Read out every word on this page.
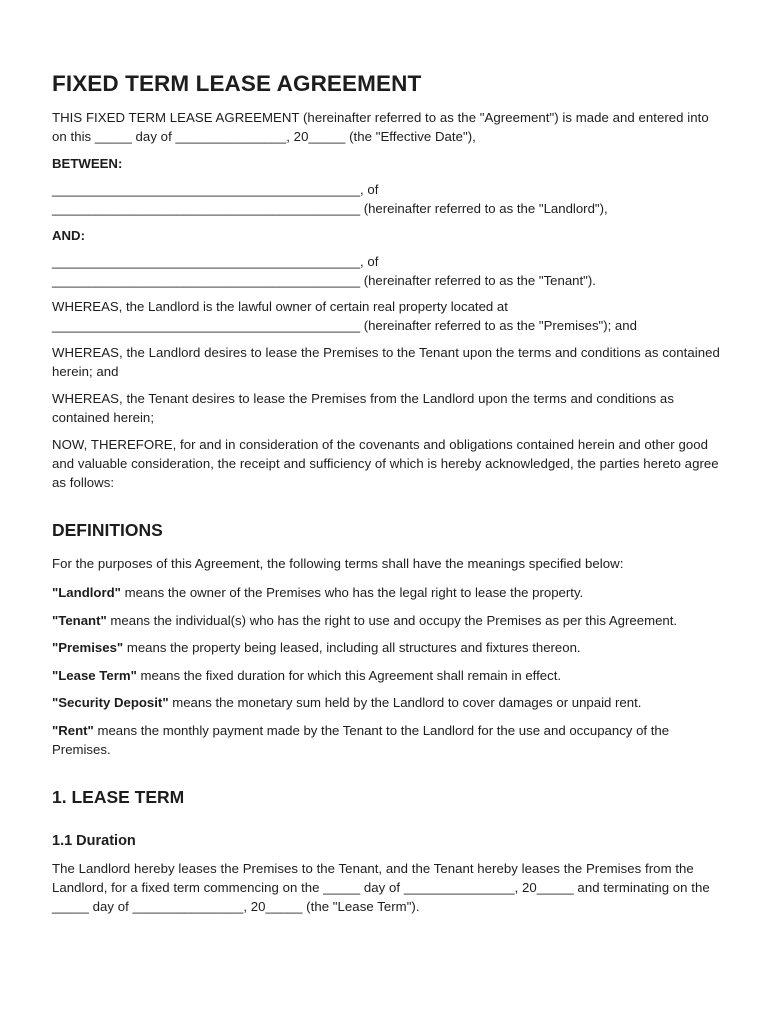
FIXED TERM LEASE AGREEMENT

THIS FIXED TERM LEASE AGREEMENT (hereinafter referred to as the "Agreement") is made and entered into on this _____ day of _______________, 20_____ (the "Effective Date"),

BETWEEN:
__________________________________________, of
__________________________________________ (hereinafter referred to as the "Landlord"),
AND:
__________________________________________, of
__________________________________________ (hereinafter referred to as the "Tenant").
WHEREAS, the Landlord is the lawful owner of certain real property located at
__________________________________________ (hereinafter referred to as the "Premises"); and

WHEREAS, the Landlord desires to lease the Premises to the Tenant upon the terms and conditions as contained herein; and

WHEREAS, the Tenant desires to lease the Premises from the Landlord upon the terms and conditions as contained herein;

NOW, THEREFORE, for and in consideration of the covenants and obligations contained herein and other good and valuable consideration, the receipt and sufficiency of which is hereby acknowledged, the parties hereto agree as follows:

DEFINITIONS

For the purposes of this Agreement, the following terms shall have the meanings specified below:

"Landlord" means the owner of the Premises who has the legal right to lease the property.

"Tenant" means the individual(s) who has the right to use and occupy the Premises as per this Agreement.

"Premises" means the property being leased, including all structures and fixtures thereon.

"Lease Term" means the fixed duration for which this Agreement shall remain in effect.

"Security Deposit" means the monetary sum held by the Landlord to cover damages or unpaid rent.

"Rent" means the monthly payment made by the Tenant to the Landlord for the use and occupancy of the Premises.

1. LEASE TERM
1.1 Duration

The Landlord hereby leases the Premises to the Tenant, and the Tenant hereby leases the Premises from the Landlord, for a fixed term commencing on the _____ day of _______________, 20_____ and terminating on the _____ day of _______________, 20_____ (the "Lease Term").
